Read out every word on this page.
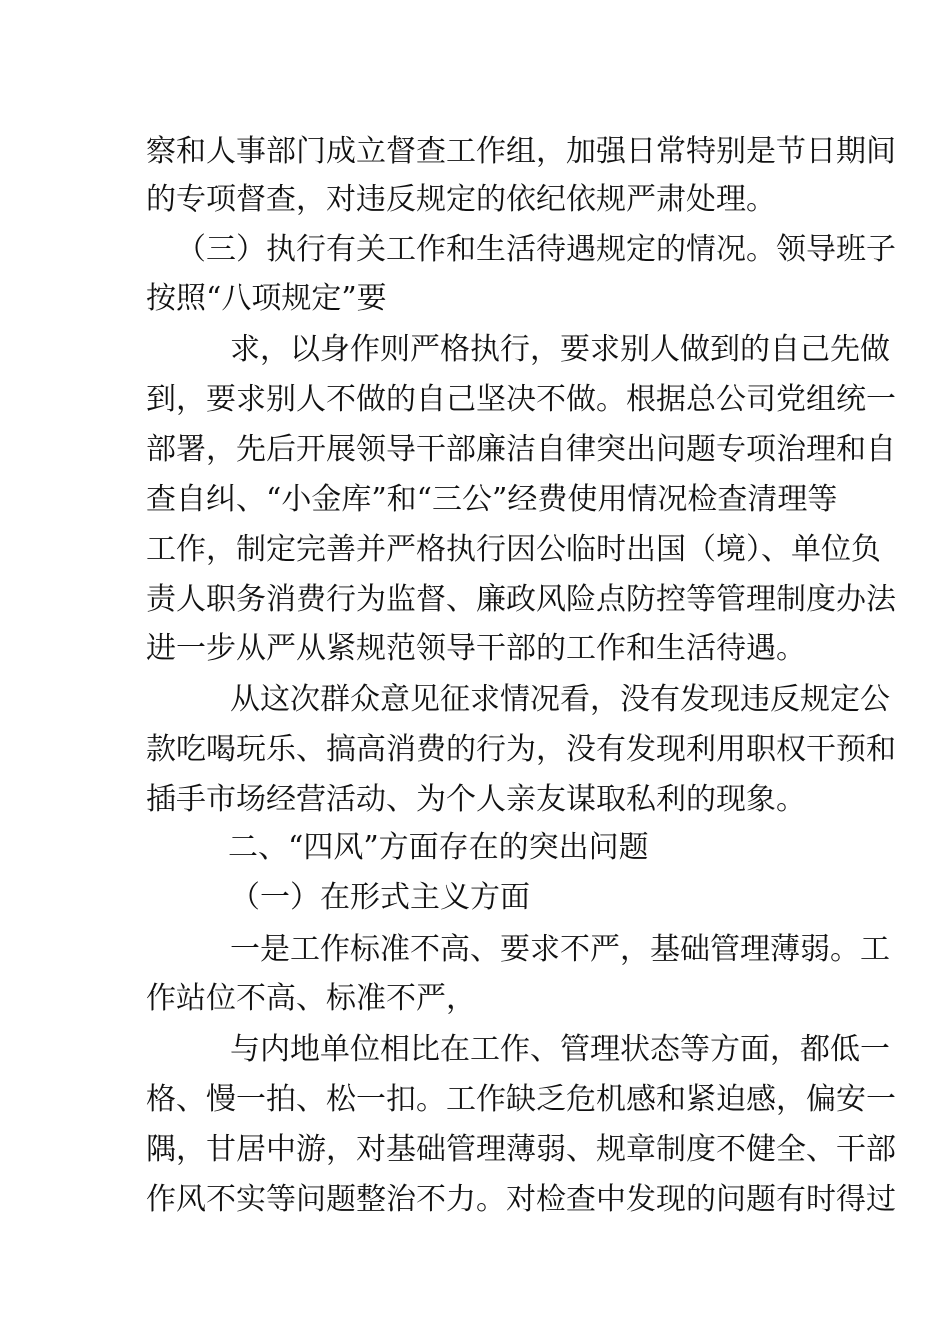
察和人事部门成立督查工作组，加强日常特别是节日期间
的专项督查，对违反规定的依纪依规严肃处理。
（三）执行有关工作和生活待遇规定的情况。领导班子
按照“八项规定”要
求，以身作则严格执行，要求别人做到的自己先做
到，要求别人不做的自己坚决不做。根据总公司党组统一
部署，先后开展领导干部廉洁自律突出问题专项治理和自
查自纠、“小金库”和“三公”经费使用情况检查清理等
工作，制定完善并严格执行因公临时出国（境）、单位负
责人职务消费行为监督、廉政风险点防控等管理制度办法
进一步从严从紧规范领导干部的工作和生活待遇。
从这次群众意见征求情况看，没有发现违反规定公
款吃喝玩乐、搞高消费的行为，没有发现利用职权干预和
插手市场经营活动、为个人亲友谋取私利的现象。
二、“四风”方面存在的突出问题
（一）在形式主义方面
一是工作标准不高、要求不严，基础管理薄弱。工
作站位不高、标准不严，
与内地单位相比在工作、管理状态等方面，都低一
格、慢一拍、松一扣。工作缺乏危机感和紧迫感，偏安一
隅，甘居中游，对基础管理薄弱、规章制度不健全、干部
作风不实等问题整治不力。对检查中发现的问题有时得过
